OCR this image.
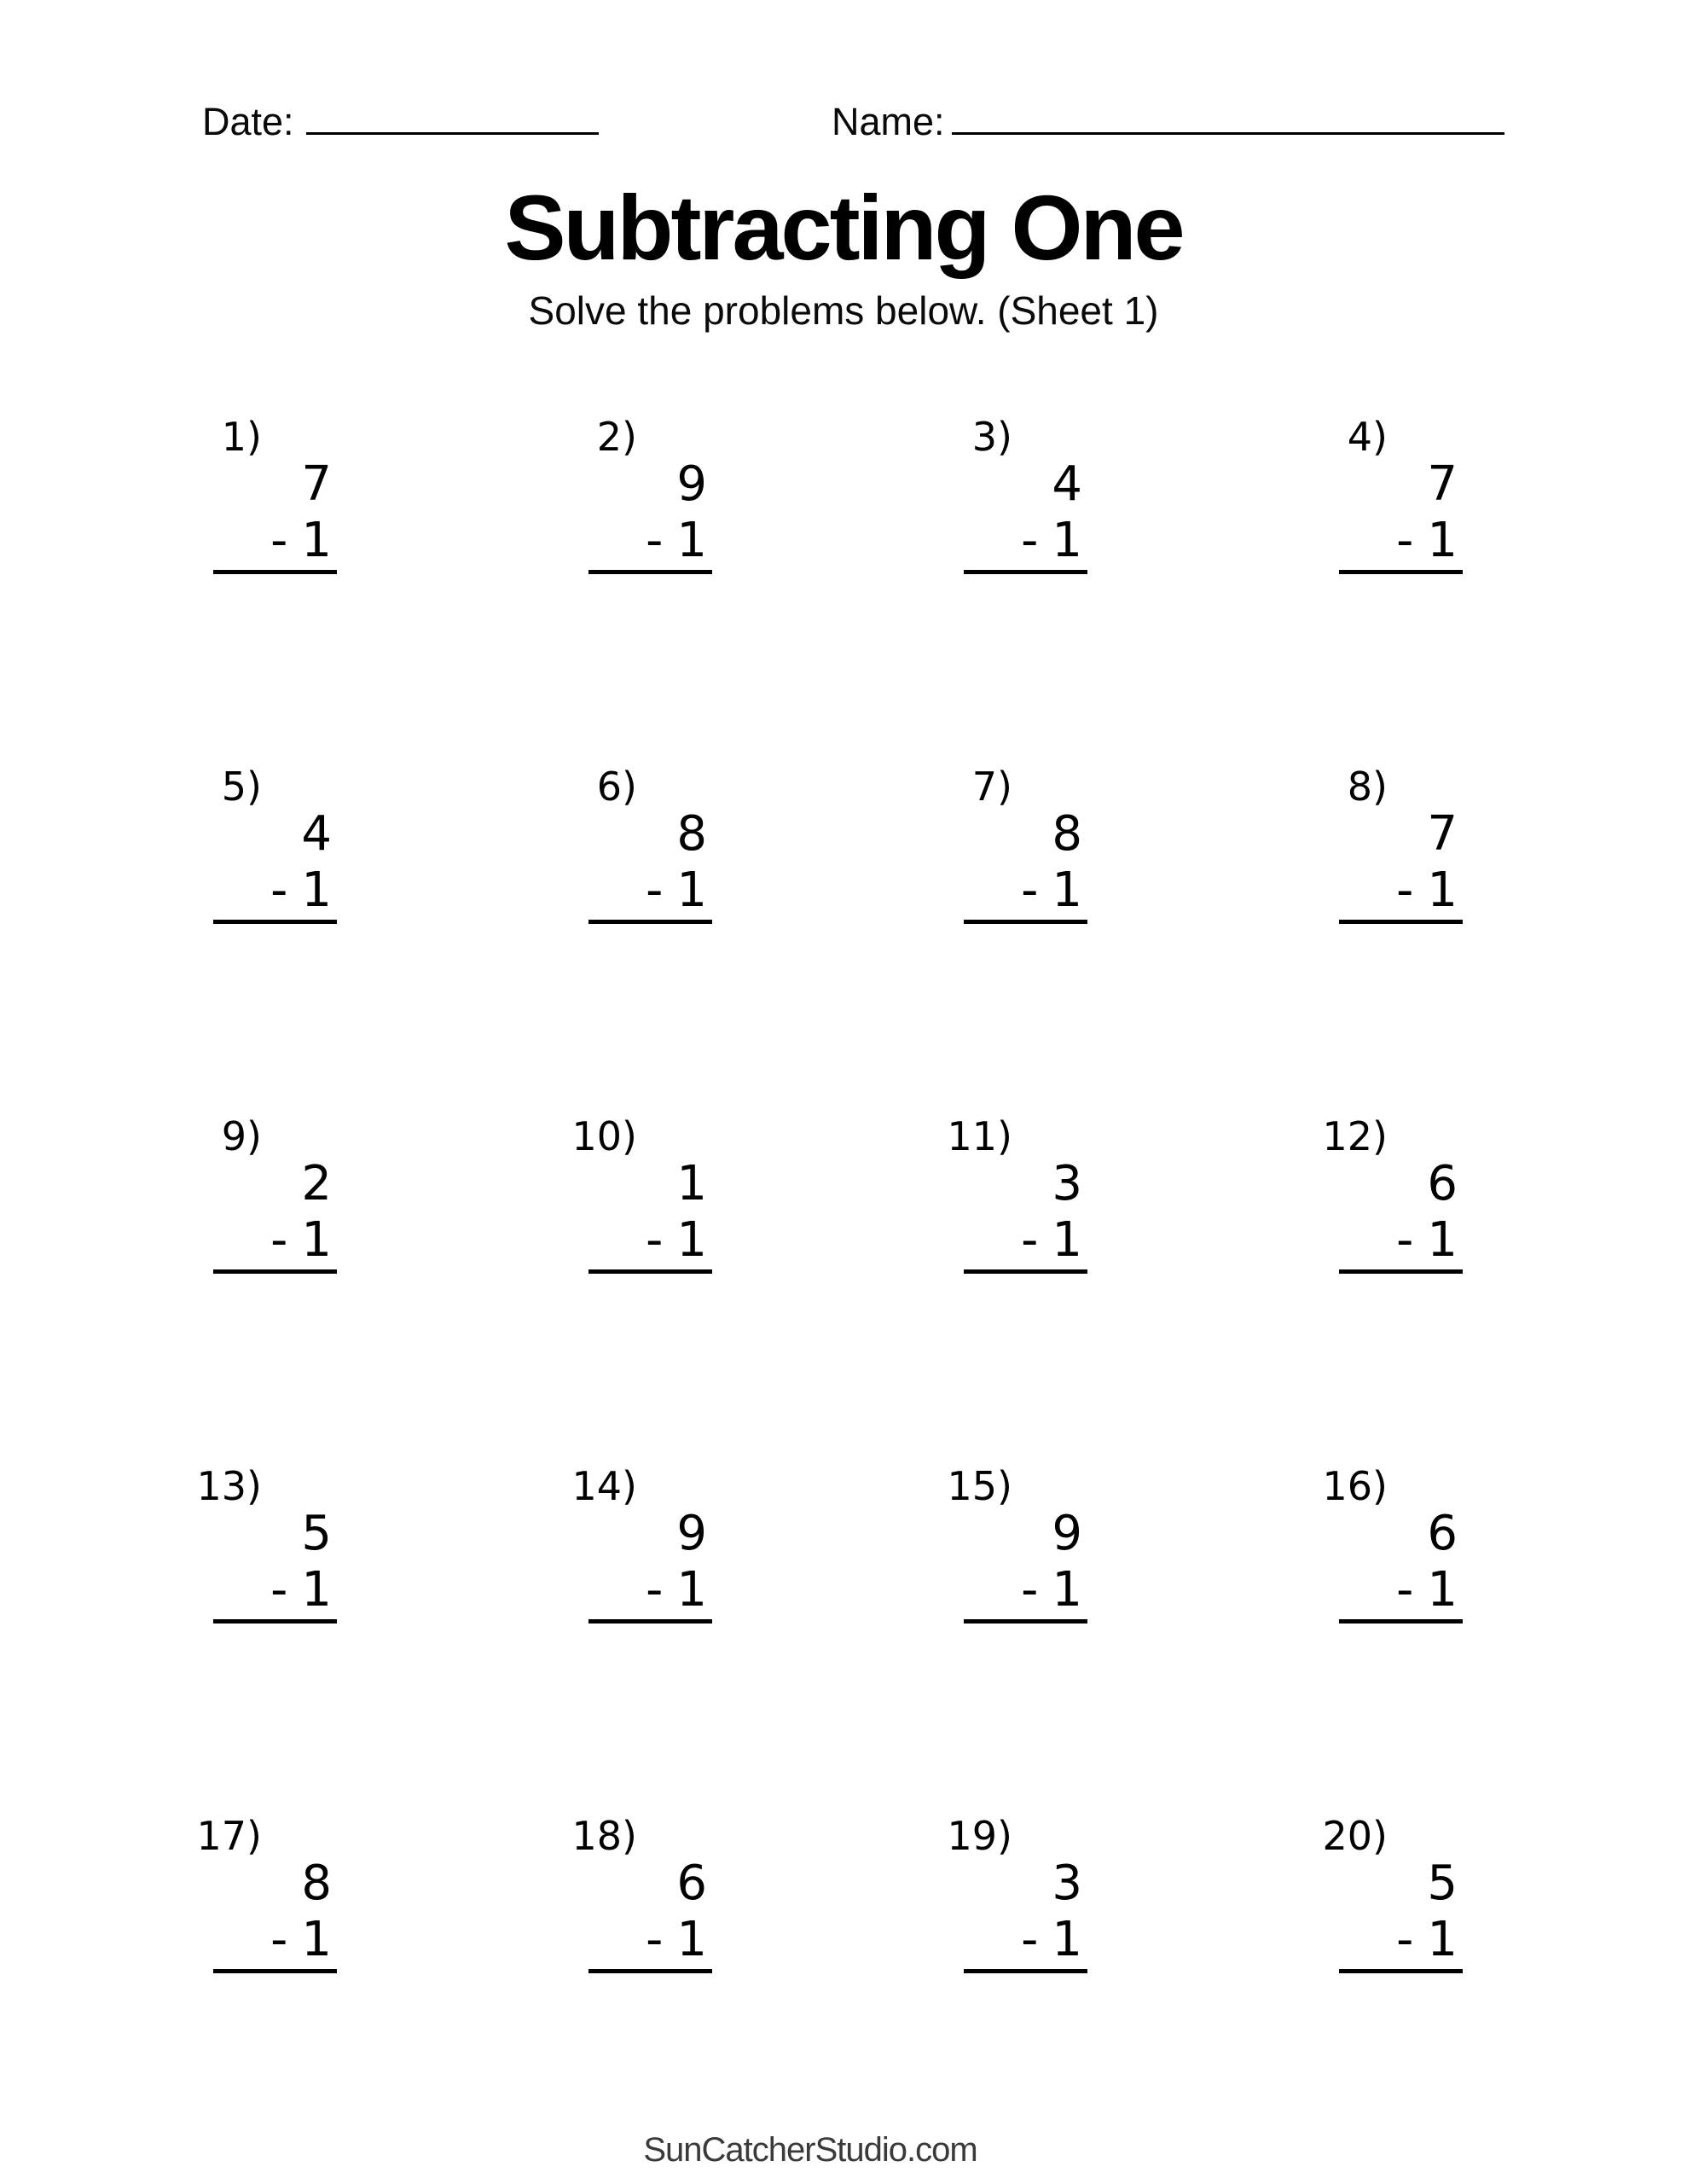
Date:	Name:
Subtracting One
Solve the problems below. (Sheet 1)
1)
7
- 1
2)
9
- 1
3)
4
- 1
4)
7
- 1
5)
4
- 1
6)
8
- 1
7)
8
- 1
8)
7
- 1
9)
2
- 1
10)
1
- 1
11)
3
- 1
12)
6
- 1
13)
5
- 1
14)
9
- 1
15)
9
- 1
16)
6
- 1
17)
8
- 1
18)
6
- 1
19)
3
- 1
20)
5
- 1
SunCatcherStudio.com
